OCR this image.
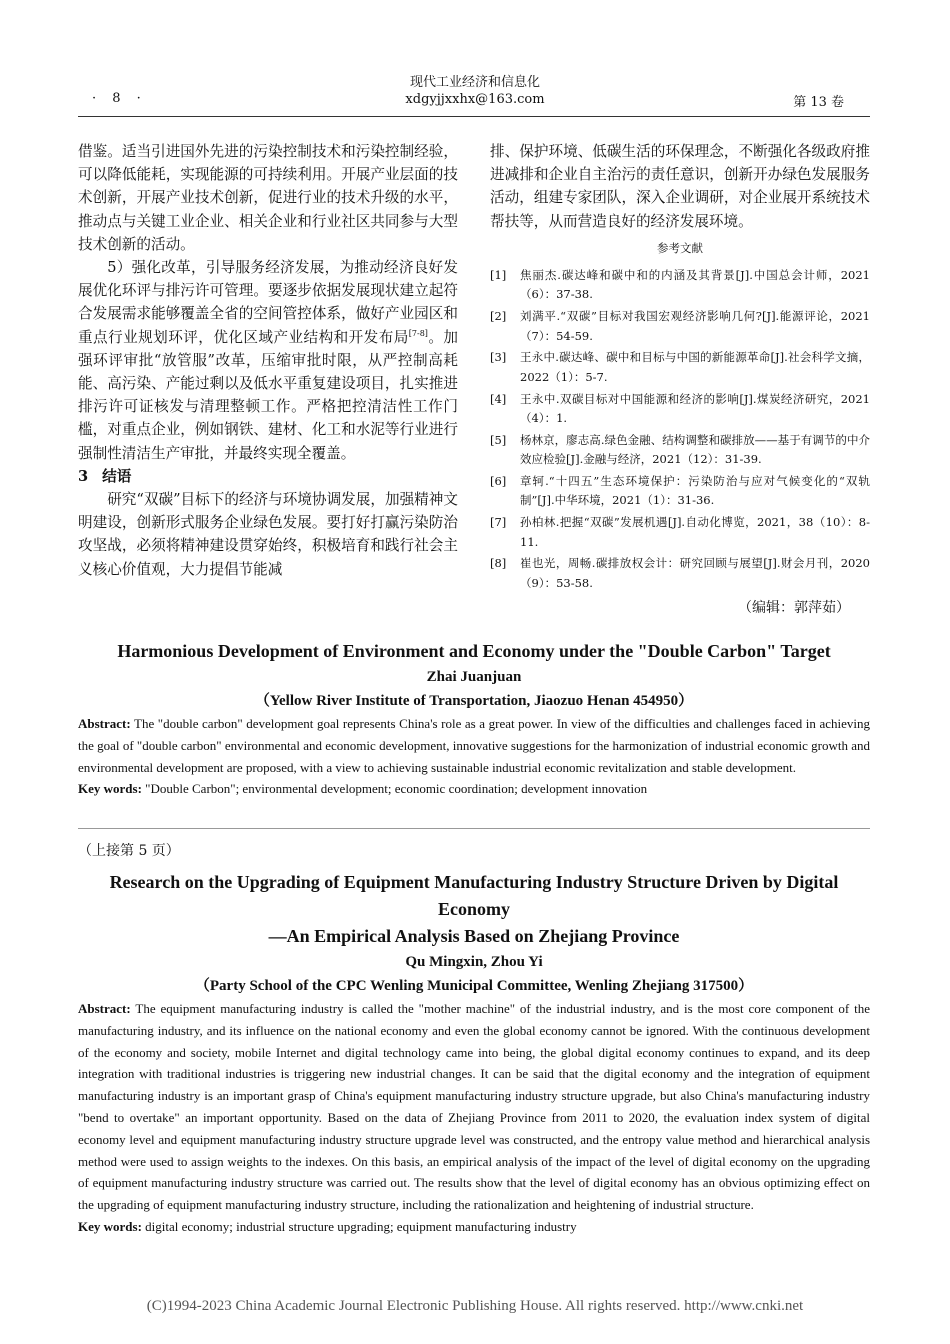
· 8 ·
现代工业经济和信息化
xdgyjjxxhx@163.com	第 13 卷

借鉴。适当引进国外先进的污染控制技术和污染控制经验，可以降低能耗，实现能源的可持续利用。开展产业层面的技术创新，开展产业技术创新，促进行业的技术升级的水平，推动点与关键工业企业、相关企业和行业社区共同参与大型技术创新的活动。

5）强化改革，引导服务经济发展，为推动经济良好发展优化环评与排污许可管理。要逐步依据发展现状建立起符合发展需求能够覆盖全省的空间管控体系，做好产业园区和重点行业规划环评，优化区域产业结构和开发布局[7-8]。加强环评审批“放管服”改革，压缩审批时限，从严控制高耗能、高污染、产能过剩以及低水平重复建设项目，扎实推进排污许可证核发与清理整顿工作。严格把控清洁性工作门槛，对重点企业，例如钢铁、建材、化工和水泥等行业进行强制性清洁生产审批，并最终实现全覆盖。

3 结语

研究“双碳”目标下的经济与环境协调发展，加强精神文明建设，创新形式服务企业绿色发展。要打好打赢污染防治攻坚战，必须将精神建设贯穿始终，积极培育和践行社会主义核心价值观，大力提倡节能减

排、保护环境、低碳生活的环保理念，不断强化各级政府推进减排和企业自主治污的责任意识，创新开办绿色发展服务活动，组建专家团队，深入企业调研，对企业展开系统技术帮扶等，从而营造良好的经济发展环境。

参考文献
[1]	焦丽杰.碳达峰和碳中和的内涵及其背景[J].中国总会计师，2021（6）：37-38.
[2]	刘满平.“双碳”目标对我国宏观经济影响几何?[J].能源评论，2021（7）：54-59.
[3]	王永中.碳达峰、碳中和目标与中国的新能源革命[J].社会科学文摘，2022（1）：5-7.
[4]	王永中.双碳目标对中国能源和经济的影响[J].煤炭经济研究，2021（4）：1.
[5]	杨林京，廖志高.绿色金融、结构调整和碳排放——基于有调节的中介效应检验[J].金融与经济，2021（12）：31-39.
[6]	章轲.“十四五”生态环境保护：污染防治与应对气候变化的“双轨制”[J].中华环境，2021（1）：31-36.
[7]	孙柏林.把握“双碳”发展机遇[J].自动化博览，2021，38（10）：8-11.
[8]	崔也光，周畅.碳排放权会计：研究回顾与展望[J].财会月刊，2020（9）：53-58.
（编辑：郭萍茹）

Harmonious Development of Environment and Economy under the "Double Carbon" Target

Zhai Juanjuan

（Yellow River Institute of Transportation, Jiaozuo Henan 454950）

Abstract: The "double carbon" development goal represents China's role as a great power. In view of the difficulties and challenges faced in achieving the goal of "double carbon" environmental and economic development, innovative suggestions for the harmonization of industrial economic growth and environmental development are proposed, with a view to achieving sustainable industrial economic revitalization and stable development.

Key words: "Double Carbon"; environmental development; economic coordination; development innovation

（上接第 5 页）

Research on the Upgrading of Equipment Manufacturing Industry Structure Driven by Digital Economy

—An Empirical Analysis Based on Zhejiang Province

Qu Mingxin, Zhou Yi

（Party School of the CPC Wenling Municipal Committee, Wenling Zhejiang 317500）

Abstract: The equipment manufacturing industry is called the "mother machine" of the industrial industry, and is the most core component of the manufacturing industry, and its influence on the national economy and even the global economy cannot be ignored. With the continuous development of the economy and society, mobile Internet and digital technology came into being, the global digital economy continues to expand, and its deep integration with traditional industries is triggering new industrial changes. It can be said that the digital economy and the integration of equipment manufacturing industry is an important grasp of China's equipment manufacturing industry structure upgrade, but also China's manufacturing industry "bend to overtake" an important opportunity. Based on the data of Zhejiang Province from 2011 to 2020, the evaluation index system of digital economy level and equipment manufacturing industry structure upgrade level was constructed, and the entropy value method and hierarchical analysis method were used to assign weights to the indexes. On this basis, an empirical analysis of the impact of the level of digital economy on the upgrading of equipment manufacturing industry structure was carried out. The results show that the level of digital economy has an obvious optimizing effect on the upgrading of equipment manufacturing industry structure, including the rationalization and heightening of industrial structure.

Key words: digital economy; industrial structure upgrading; equipment manufacturing industry

(C)1994-2023 China Academic Journal Electronic Publishing House. All rights reserved. http://www.cnki.net
